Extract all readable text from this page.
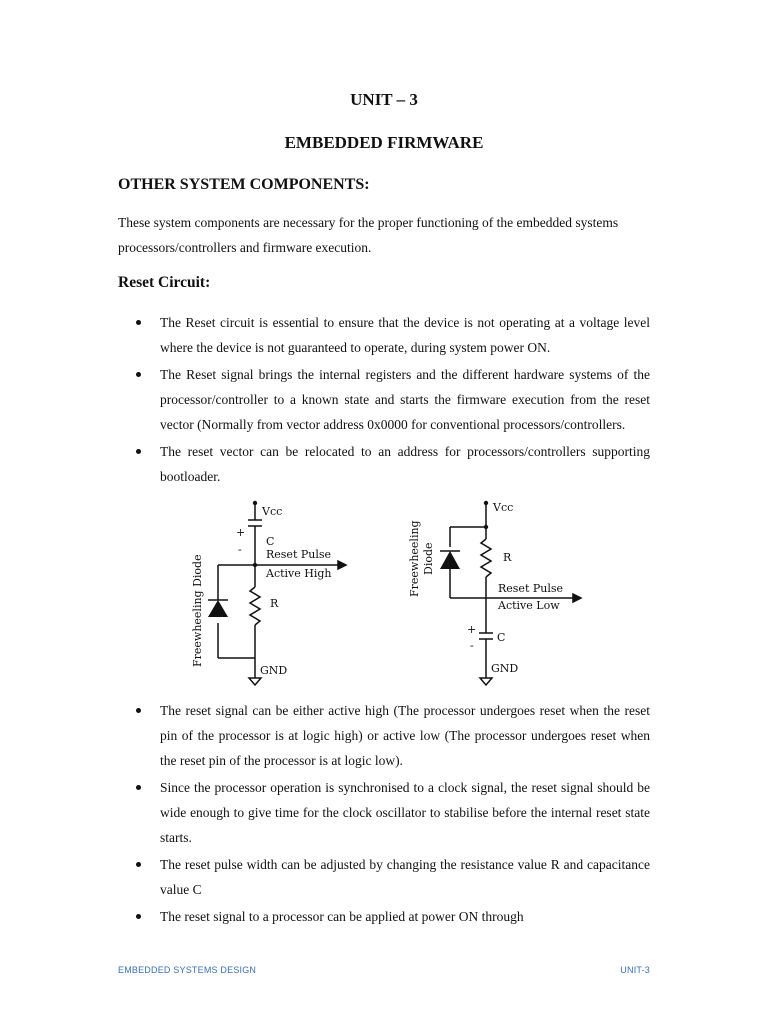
UNIT – 3
EMBEDDED FIRMWARE
OTHER SYSTEM COMPONENTS:
These system components are necessary for the proper functioning of the embedded systems processors/controllers and firmware execution.
Reset Circuit:
The Reset circuit is essential to ensure that the device is not operating at a voltage level where the device is not guaranteed to operate, during system power ON.
The Reset signal brings the internal registers and the different hardware systems of the processor/controller to a known state and starts the firmware execution from the reset vector (Normally from vector address 0x0000 for conventional processors/controllers.
The reset vector can be relocated to an address for processors/controllers supporting bootloader.
Vcc
+
-
C
Reset Pulse
Active High
R
GND
Freewheeling Diode
Vcc
R
Reset Pulse
Active Low
+
-
C
GND
Freewheeling Diode
The reset signal can be either active high (The processor undergoes reset when the reset pin of the processor is at logic high) or active low (The processor undergoes reset when the reset pin of the processor is at logic low).
Since the processor operation is synchronised to a clock signal, the reset signal should be wide enough to give time for the clock oscillator to stabilise before the internal reset state starts.
The reset pulse width can be adjusted by changing the resistance value R and capacitance value C
The reset signal to a processor can be applied at power ON through
EMBEDDED SYSTEMS DESIGN	UNIT-3
